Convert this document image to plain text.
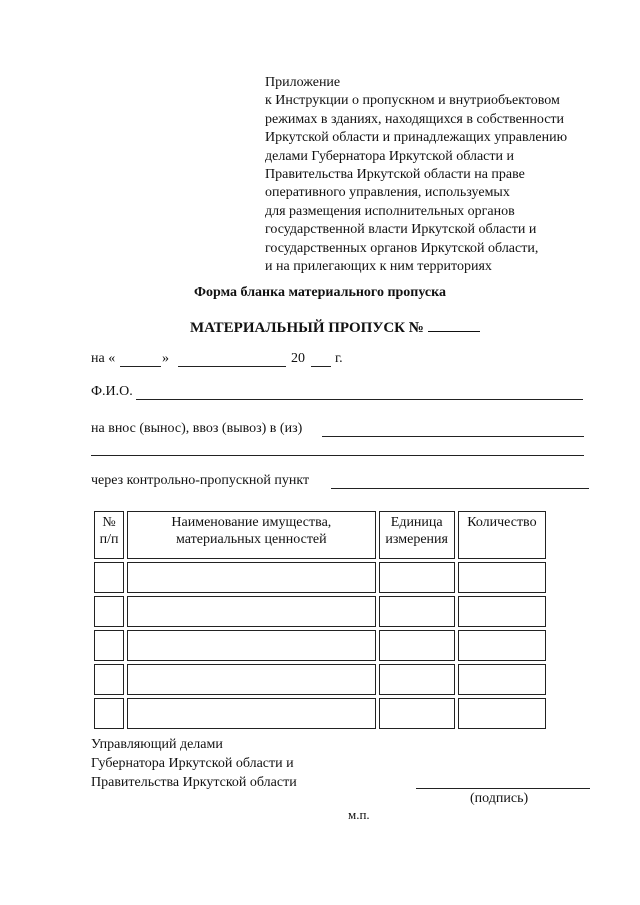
Приложение
к Инструкции о пропускном и внутриобъектовом
режимах в зданиях, находящихся в собственности
Иркутской области и принадлежащих управлению
делами Губернатора Иркутской области и
Правительства Иркутской области на праве
оперативного управления, используемых
для размещения исполнительных органов
государственной власти Иркутской области и
государственных органов Иркутской области,
и на прилегающих к ним территориях
Форма бланка материального пропуска
МАТЕРИАЛЬНЫЙ ПРОПУСК №
на «	»	20 г.
Ф.И.О.
на внос (вынос), ввоз (вывоз) в (из)
через контрольно-пропускной пункт
№ п/п	Наименование имущества, материальных ценностей	Единица измерения	Количество

Управляющий делами
Губернатора Иркутской области и
Правительства Иркутской области
(подпись)
м.п.
